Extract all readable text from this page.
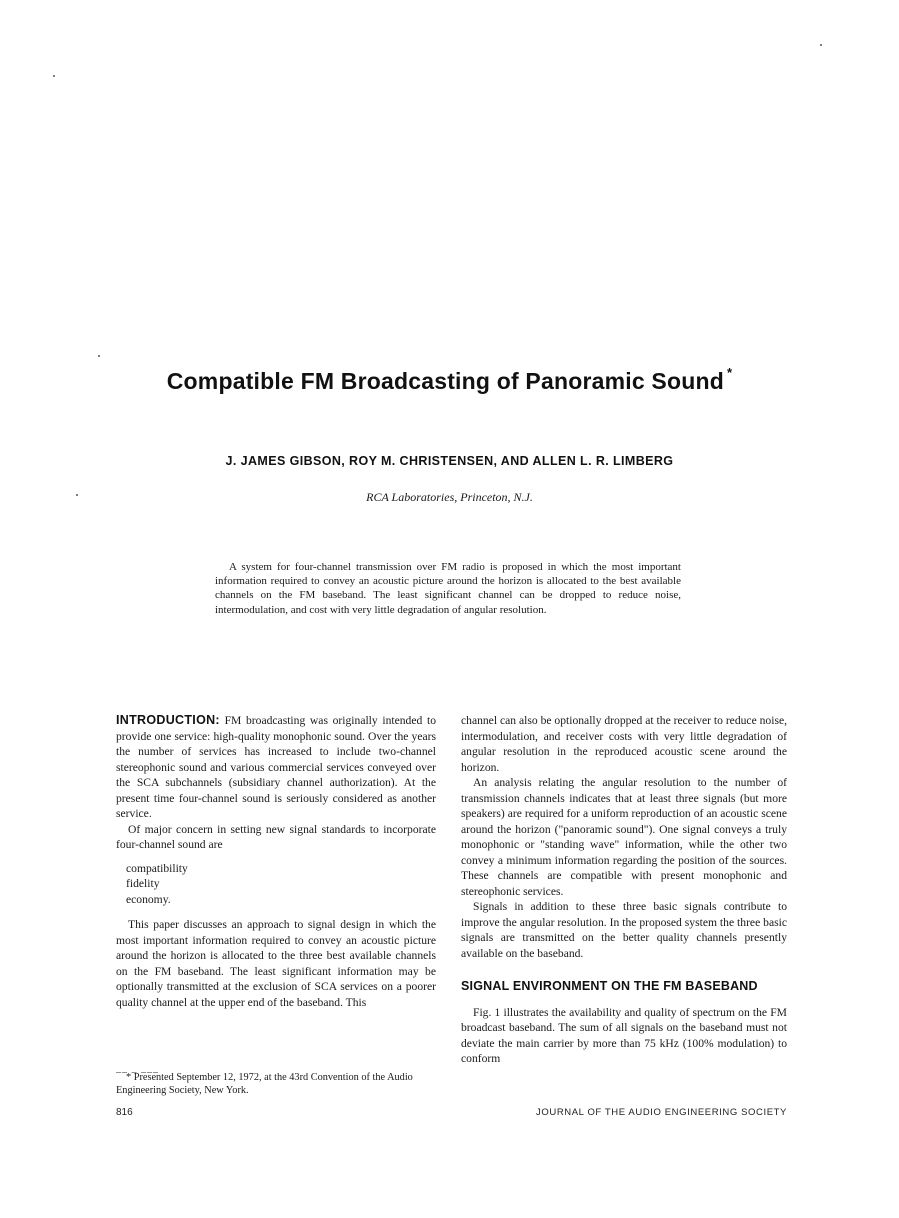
Compatible FM Broadcasting of Panoramic Sound *
J. JAMES GIBSON, ROY M. CHRISTENSEN, AND ALLEN L. R. LIMBERG
RCA Laboratories, Princeton, N.J.

A system for four-channel transmission over FM radio is proposed in which the most important information required to convey an acoustic picture around the horizon is allocated to the best available channels on the FM baseband. The least significant channel can be dropped to reduce noise, intermodulation, and cost with very little degradation of angular resolution.

INTRODUCTION: FM broadcasting was originally intended to provide one service: high-quality monophonic sound. Over the years the number of services has increased to include two-channel stereophonic sound and various commercial services conveyed over the SCA subchannels (subsidiary channel authorization). At the present time four-channel sound is seriously considered as another service.

Of major concern in setting new signal standards to incorporate four-channel sound are

compatibility
fidelity
economy.

This paper discusses an approach to signal design in which the most important information required to convey an acoustic picture around the horizon is allocated to the three best available channels on the FM baseband. The least significant information may be optionally transmitted at the exclusion of SCA services on a poorer quality channel at the upper end of the baseband. This

channel can also be optionally dropped at the receiver to reduce noise, intermodulation, and receiver costs with very little degradation of angular resolution in the reproduced acoustic scene around the horizon.

An analysis relating the angular resolution to the number of transmission channels indicates that at least three signals (but more speakers) are required for a uniform reproduction of an acoustic scene around the horizon ("panoramic sound"). One signal conveys a truly monophonic or "standing wave" information, while the other two convey a minimum information regarding the position of the sources. These channels are compatible with present monophonic and stereophonic services.

Signals in addition to these three basic signals contribute to improve the angular resolution. In the proposed system the three basic signals are transmitted on the better quality channels presently available on the baseband.

SIGNAL ENVIRONMENT ON THE FM BASEBAND

Fig. 1 illustrates the availability and quality of spectrum on the FM broadcast baseband. The sum of all signals on the baseband must not deviate the main carrier by more than 75 kHz (100% modulation) to conform

__ _ ___

* Presented September 12, 1972, at the 43rd Convention of the Audio Engineering Society, New York.

816	JOURNAL OF THE AUDIO ENGINEERING SOCIETY
